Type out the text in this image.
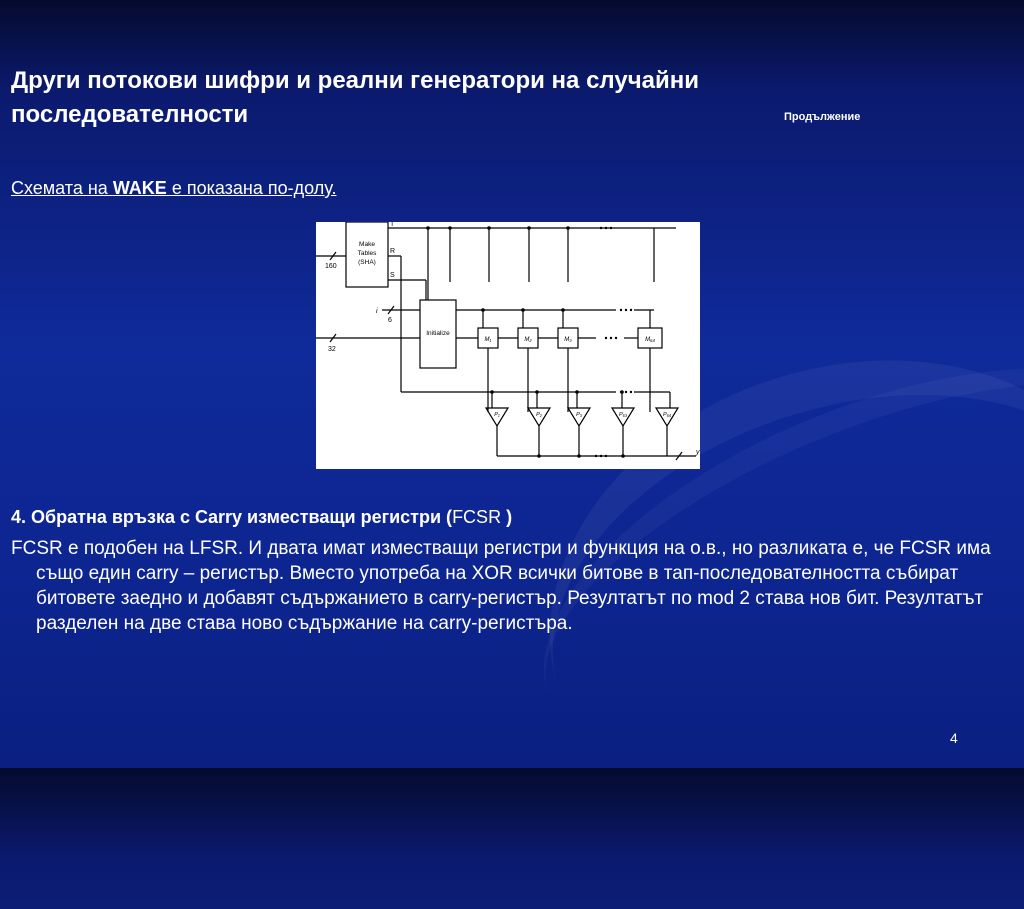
Други потокови шифри и реални генератори на случайни последователности	Продължение
Схемата на WAKE е показана по-долу.
Make
Tables
(SHA)
Initialize
T
R
S
160
i
6
32
y
M₁	M₂	M₃	M₆₄
P₁	P₂	P₃	P₆₃	P₆₄
4. Обратна връзка с Carry изместващи регистри (FCSR )
FCSR е подобен на LFSR. И двата имат изместващи регистри и функция на о.в., но разликата е, че FCSR има също един carry – регистър. Вместо употреба на XOR всички битове в тап-последователността събират битовете заедно и добавят съдържанието в carry-регистър. Резултатът по mod 2 става нов бит. Резултатът разделен на две става ново съдържание на carry-регистъра.
4
